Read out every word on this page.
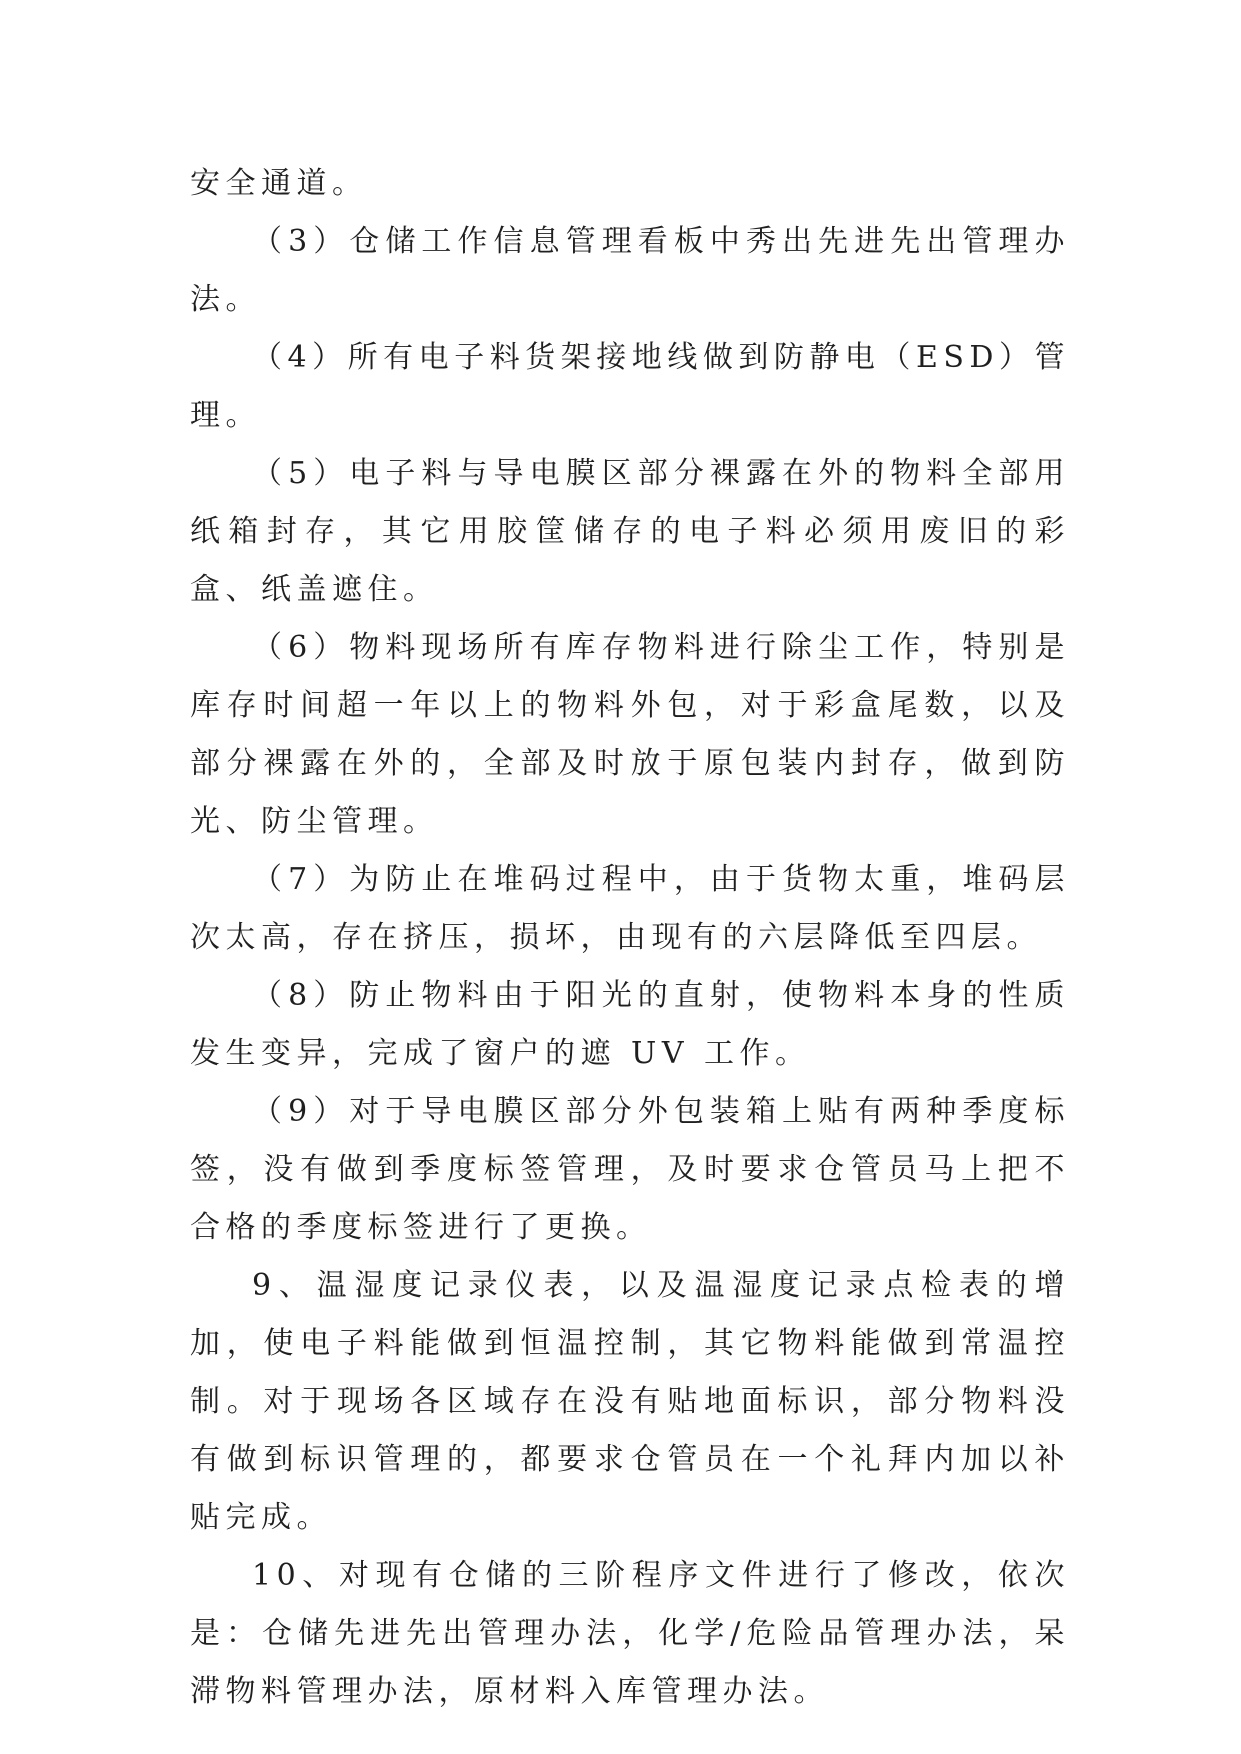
安全通道。

（3）仓储工作信息管理看板中秀出先进先出管理办法。

（4）所有电子料货架接地线做到防静电（ESD）管理。

（5）电子料与导电膜区部分裸露在外的物料全部用纸箱封存，其它用胶筐储存的电子料必须用废旧的彩盒、纸盖遮住。

（6）物料现场所有库存物料进行除尘工作，特别是库存时间超一年以上的物料外包，对于彩盒尾数，以及部分裸露在外的，全部及时放于原包装内封存，做到防光、防尘管理。

（7）为防止在堆码过程中，由于货物太重，堆码层次太高，存在挤压，损坏，由现有的六层降低至四层。

（8）防止物料由于阳光的直射，使物料本身的性质发生变异，完成了窗户的遮 UV 工作。

（9）对于导电膜区部分外包装箱上贴有两种季度标签，没有做到季度标签管理，及时要求仓管员马上把不合格的季度标签进行了更换。

9、温湿度记录仪表，以及温湿度记录点检表的增加，使电子料能做到恒温控制，其它物料能做到常温控制。对于现场各区域存在没有贴地面标识，部分物料没有做到标识管理的，都要求仓管员在一个礼拜内加以补贴完成。

10、对现有仓储的三阶程序文件进行了修改，依次是：仓储先进先出管理办法，化学/危险品管理办法，呆滞物料管理办法，原材料入库管理办法。
